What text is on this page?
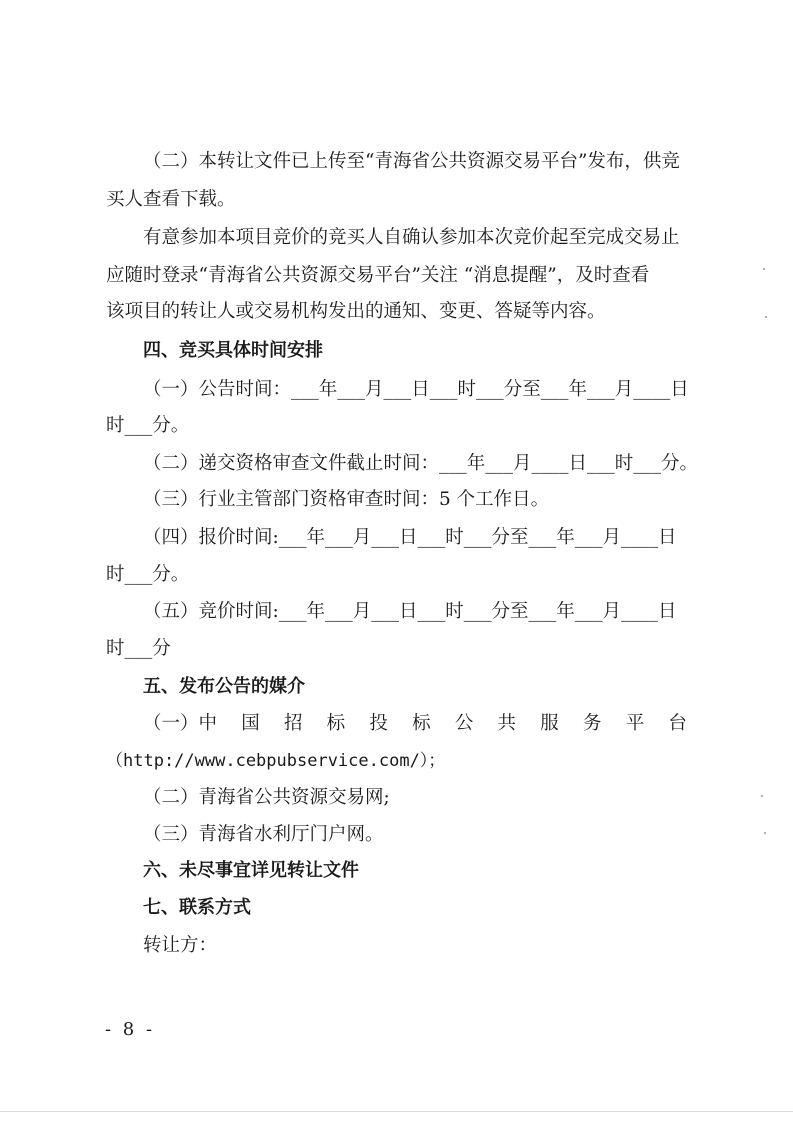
（二）本转让文件已上传至“青海省公共资源交易平台”发布，供竞
买人查看下载。
有意参加本项目竞价的竞买人自确认参加本次竞价起至完成交易止
应随时登录“青海省公共资源交易平台”关注 “消息提醒”，及时查看
该项目的转让人或交易机构发出的通知、变更、答疑等内容。
四、竞买具体时间安排
（一）公告时间：___年___月___日___时___分至___年___月____日
时___分。
（二）递交资格审查文件截止时间：___年___月____日___时___分。
（三）行业主管部门资格审查时间：5 个工作日。
（四）报价时间:___年___月___日___时___分至___年___月____日
时___分。
（五）竞价时间:___年___月___日___时___分至___年___月____日
时___分
五、发布公告的媒介
（一）中 国 招 标 投 标 公 共 服 务 平 台
（http://www.cebpubservice.com/）；
（二）青海省公共资源交易网;
（三）青海省水利厅门户网。
六、未尽事宜详见转让文件
七、联系方式
转让方：
- 8 -
